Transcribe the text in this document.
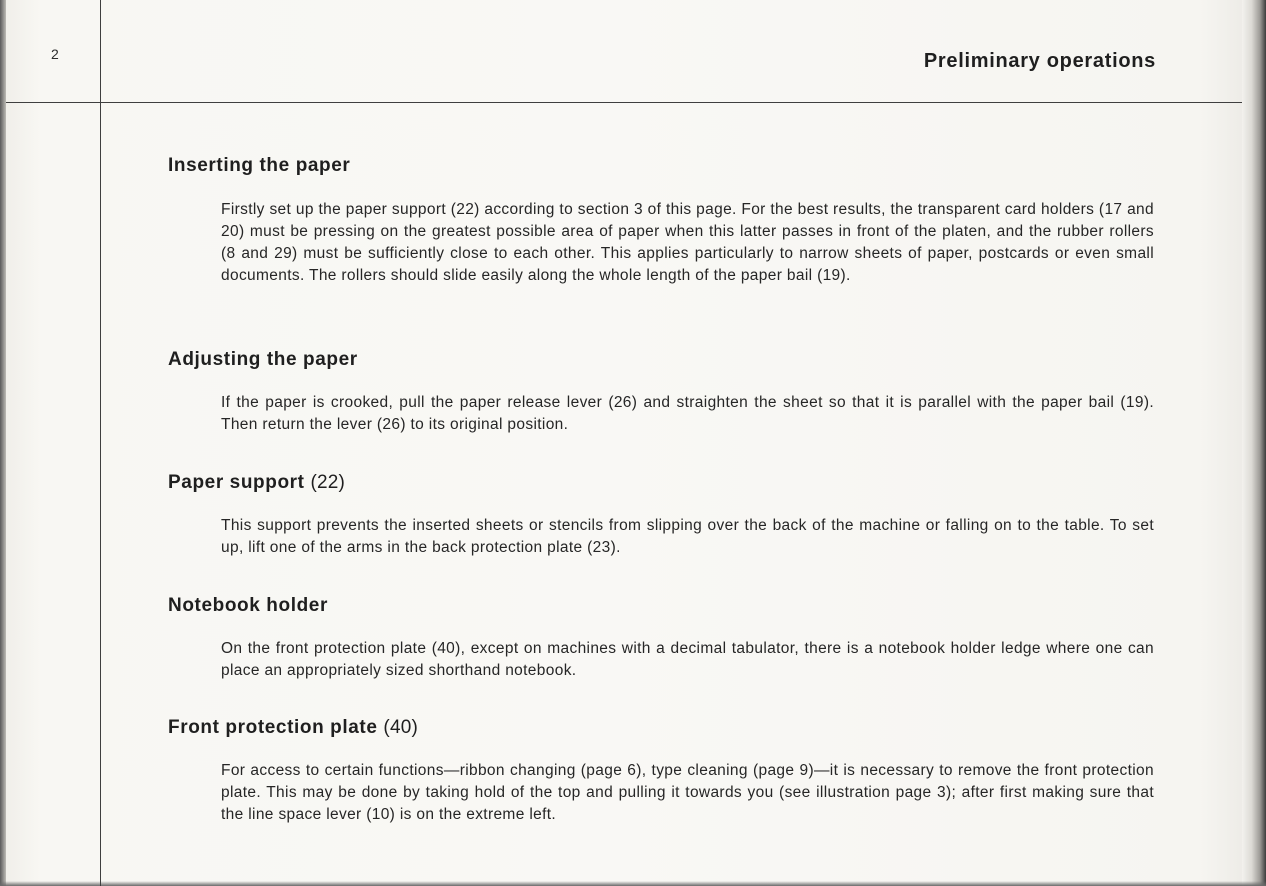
2	Preliminary operations
Inserting the paper
Firstly set up the paper support (22) according to section 3 of this page. For the best results, the transparent card holders (17 and 20) must be pressing on the greatest possible area of paper when this latter passes in front of the platen, and the rubber rollers (8 and 29) must be sufficiently close to each other. This applies particularly to narrow sheets of paper, postcards or even small documents. The rollers should slide easily along the whole length of the paper bail (19).
Adjusting the paper
If the paper is crooked, pull the paper release lever (26) and straighten the sheet so that it is parallel with the paper bail (19). Then return the lever (26) to its original position.
Paper support (22)
This support prevents the inserted sheets or stencils from slipping over the back of the machine or falling on to the table. To set up, lift one of the arms in the back protection plate (23).
Notebook holder
On the front protection plate (40), except on machines with a decimal tabulator, there is a notebook holder ledge where one can place an appropriately sized shorthand notebook.
Front protection plate (40)
For access to certain functions—ribbon changing (page 6), type cleaning (page 9)—it is necessary to remove the front protection plate. This may be done by taking hold of the top and pulling it towards you (see illustration page 3); after first making sure that the line space lever (10) is on the extreme left.
